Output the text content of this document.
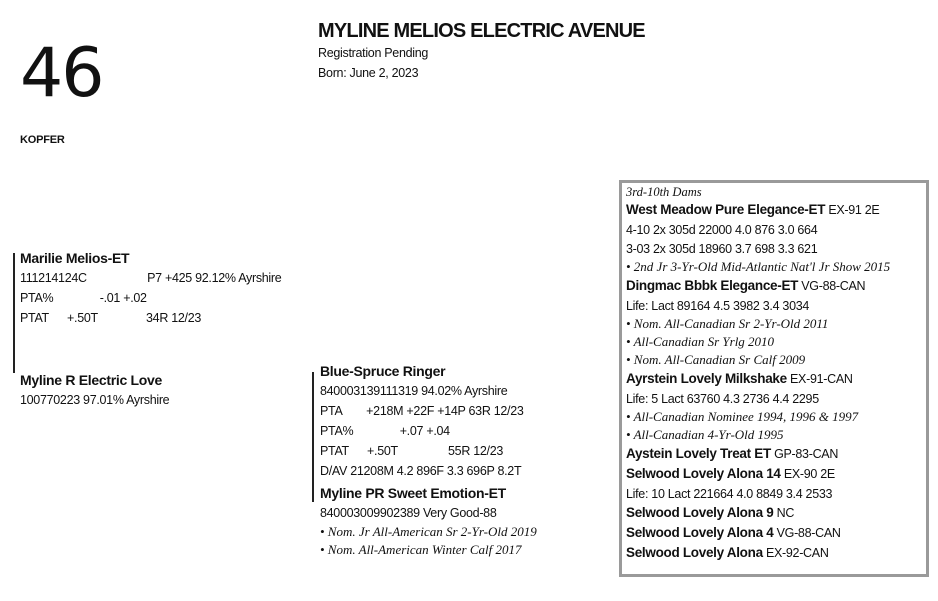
46
KOPFER
MYLINE MELIOS ELECTRIC AVENUE
Registration Pending
Born: June 2, 2023
Marilie Melios-ET
111214124C	P7 +425 92.12% Ayrshire
PTA%	-.01 +.02
PTAT +.50T	34R 12/23
Myline R Electric Love
100770223 97.01% Ayrshire
Blue-Spruce Ringer
840003139111319 94.02% Ayrshire
PTA +218M +22F +14P 63R 12/23
PTA%	+.07 +.04
PTAT +.50T	55R 12/23
D/AV 21208M 4.2 896F 3.3 696P 8.2T
Myline PR Sweet Emotion-ET
840003009902389 Very Good-88
• Nom. Jr All-American Sr 2-Yr-Old 2019
• Nom. All-American Winter Calf 2017
3rd-10th Dams
West Meadow Pure Elegance-ET EX-91 2E
4-10 2x 305d 22000 4.0 876 3.0 664
3-03 2x 305d 18960 3.7 698 3.3 621
• 2nd Jr 3-Yr-Old Mid-Atlantic Nat'l Jr Show 2015
Dingmac Bbbk Elegance-ET VG-88-CAN
Life: Lact 89164 4.5 3982 3.4 3034
• Nom. All-Canadian Sr 2-Yr-Old 2011
• All-Canadian Sr Yrlg 2010
• Nom. All-Canadian Sr Calf 2009
Ayrstein Lovely Milkshake EX-91-CAN
Life: 5 Lact 63760 4.3 2736 4.4 2295
• All-Canadian Nominee 1994, 1996 & 1997
• All-Canadian 4-Yr-Old 1995
Aystein Lovely Treat ET GP-83-CAN
Selwood Lovely Alona 14 EX-90 2E
Life: 10 Lact 221664 4.0 8849 3.4 2533
Selwood Lovely Alona 9 NC
Selwood Lovely Alona 4 VG-88-CAN
Selwood Lovely Alona EX-92-CAN
